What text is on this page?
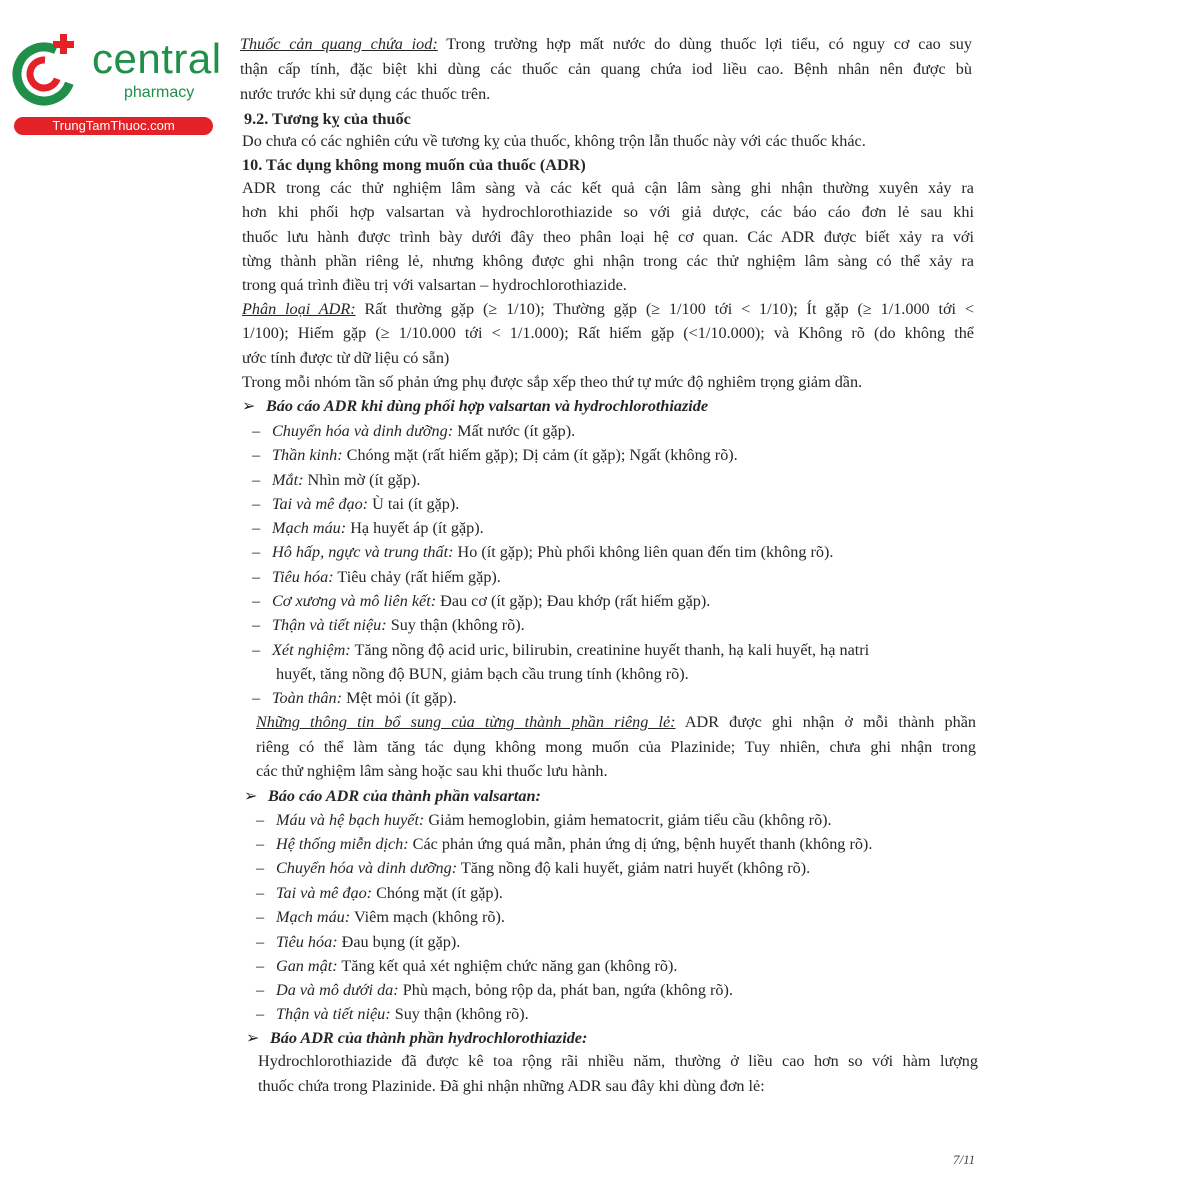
central
pharmacy
TrungTamThuoc.com
Thuốc cản quang chứa iod: Trong trường hợp mất nước do dùng thuốc lợi tiểu, có nguy cơ cao suy
thận cấp tính, đặc biệt khi dùng các thuốc cản quang chứa iod liều cao. Bệnh nhân nên được bù
nước trước khi sử dụng các thuốc trên.
9.2. Tương kỵ của thuốc
Do chưa có các nghiên cứu về tương kỵ của thuốc, không trộn lẫn thuốc này với các thuốc khác.
10. Tác dụng không mong muốn của thuốc (ADR)
ADR trong các thử nghiệm lâm sàng và các kết quả cận lâm sàng ghi nhận thường xuyên xảy ra
hơn khi phối hợp valsartan và hydrochlorothiazide so với giả dược, các báo cáo đơn lẻ sau khi
thuốc lưu hành được trình bày dưới đây theo phân loại hệ cơ quan. Các ADR được biết xảy ra với
từng thành phần riêng lẻ, nhưng không được ghi nhận trong các thử nghiệm lâm sàng có thể xảy ra
trong quá trình điều trị với valsartan – hydrochlorothiazide.
Phân loại ADR: Rất thường gặp (≥ 1/10); Thường gặp (≥ 1/100 tới < 1/10); Ít gặp (≥ 1/1.000 tới <
1/100); Hiếm gặp (≥ 1/10.000 tới < 1/1.000); Rất hiếm gặp (<1/10.000); và Không rõ (do không thể
ước tính được từ dữ liệu có sẵn)
Trong mỗi nhóm tần số phản ứng phụ được sắp xếp theo thứ tự mức độ nghiêm trọng giảm dần.
➢ Báo cáo ADR khi dùng phối hợp valsartan và hydrochlorothiazide
– Chuyển hóa và dinh dưỡng: Mất nước (ít gặp).
– Thần kinh: Chóng mặt (rất hiếm gặp); Dị cảm (ít gặp); Ngất (không rõ).
– Mắt: Nhìn mờ (ít gặp).
– Tai và mê đạo: Ù tai (ít gặp).
– Mạch máu: Hạ huyết áp (ít gặp).
– Hô hấp, ngực và trung thất: Ho (ít gặp); Phù phổi không liên quan đến tim (không rõ).
– Tiêu hóa: Tiêu chảy (rất hiếm gặp).
– Cơ xương và mô liên kết: Đau cơ (ít gặp); Đau khớp (rất hiếm gặp).
– Thận và tiết niệu: Suy thận (không rõ).
– Xét nghiệm: Tăng nồng độ acid uric, bilirubin, creatinine huyết thanh, hạ kali huyết, hạ natri
huyết, tăng nồng độ BUN, giảm bạch cầu trung tính (không rõ).
– Toàn thân: Mệt mỏi (ít gặp).
Những thông tin bổ sung của từng thành phần riêng lẻ: ADR được ghi nhận ở mỗi thành phần
riêng có thể làm tăng tác dụng không mong muốn của Plazinide; Tuy nhiên, chưa ghi nhận trong
các thử nghiệm lâm sàng hoặc sau khi thuốc lưu hành.
➢ Báo cáo ADR của thành phần valsartan:
– Máu và hệ bạch huyết: Giảm hemoglobin, giảm hematocrit, giảm tiểu cầu (không rõ).
– Hệ thống miễn dịch: Các phản ứng quá mẫn, phản ứng dị ứng, bệnh huyết thanh (không rõ).
– Chuyển hóa và dinh dưỡng: Tăng nồng độ kali huyết, giảm natri huyết (không rõ).
– Tai và mê đạo: Chóng mặt (ít gặp).
– Mạch máu: Viêm mạch (không rõ).
– Tiêu hóa: Đau bụng (ít gặp).
– Gan mật: Tăng kết quả xét nghiệm chức năng gan (không rõ).
– Da và mô dưới da: Phù mạch, bỏng rộp da, phát ban, ngứa (không rõ).
– Thận và tiết niệu: Suy thận (không rõ).
➢ Báo ADR của thành phần hydrochlorothiazide:
Hydrochlorothiazide đã được kê toa rộng rãi nhiều năm, thường ở liều cao hơn so với hàm lượng
thuốc chứa trong Plazinide. Đã ghi nhận những ADR sau đây khi dùng đơn lẻ:
7/11
